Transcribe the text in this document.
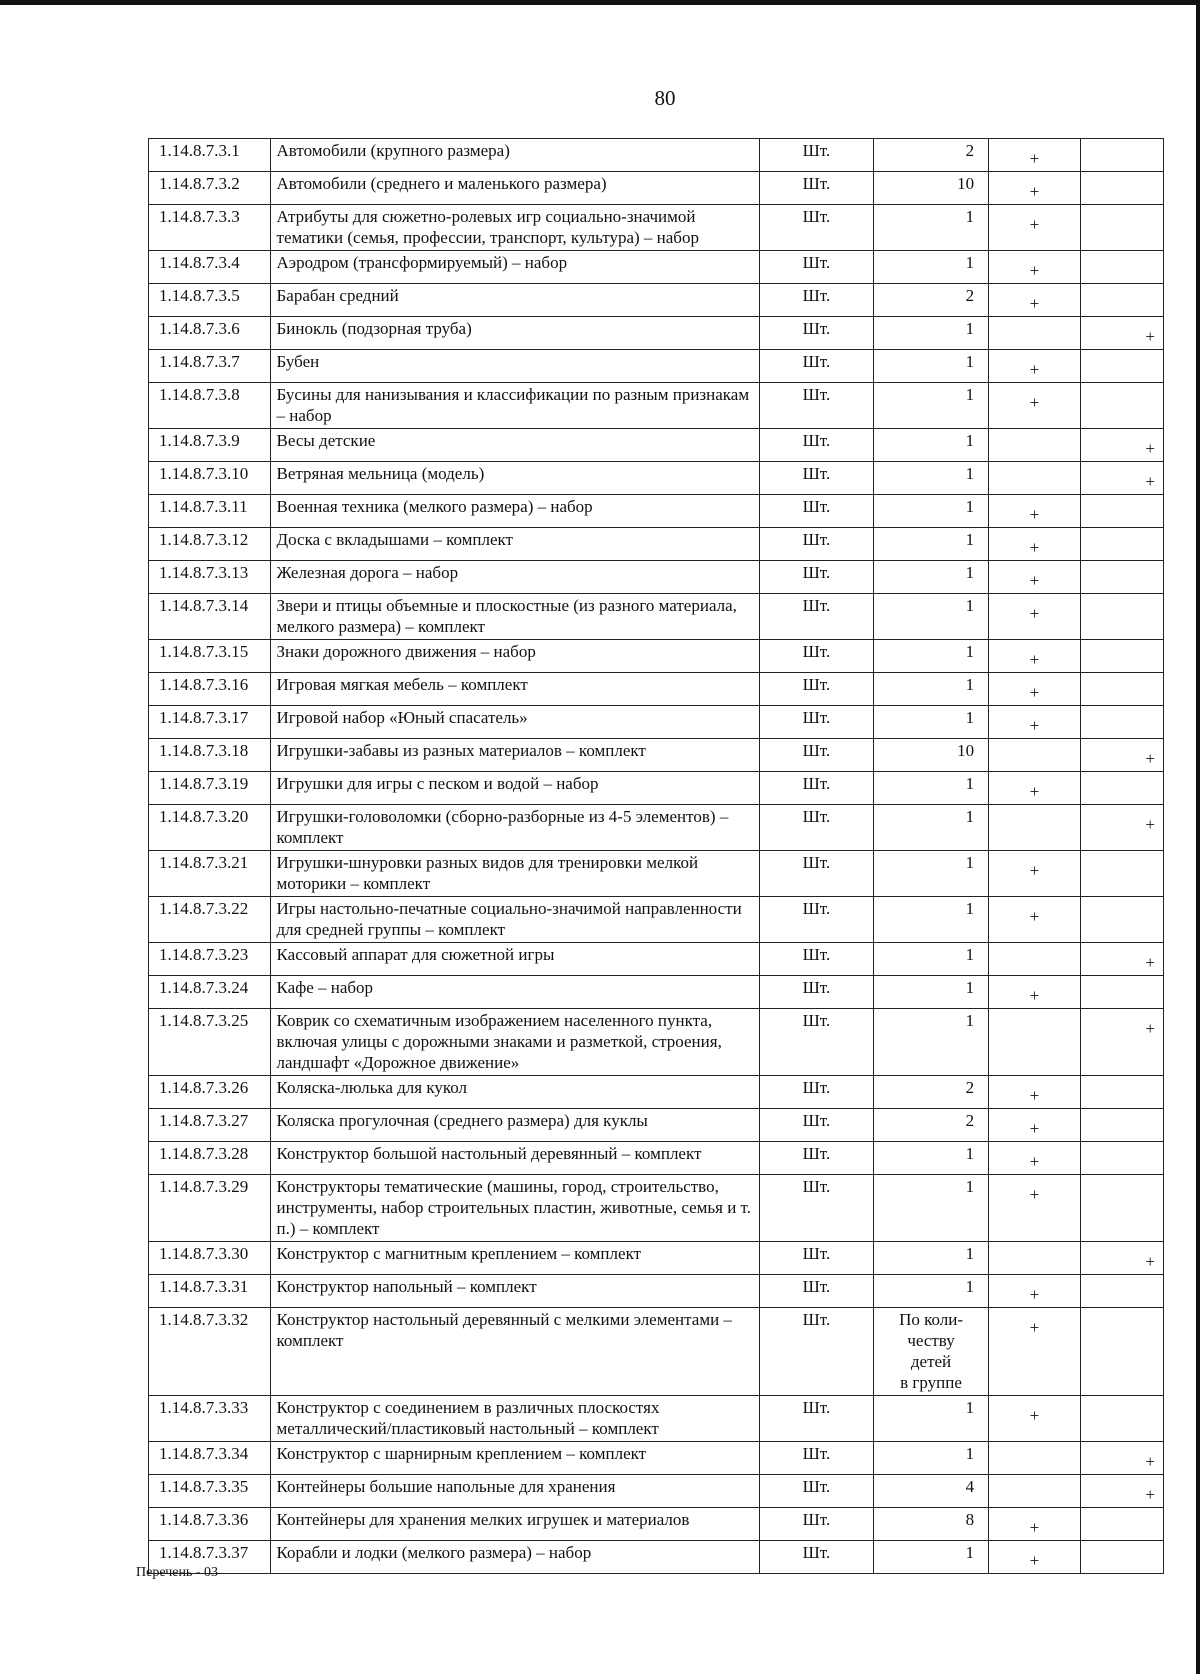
80
1.14.8.7.3.1	Автомобили (крупного размера)	Шт.	2	+	
1.14.8.7.3.2	Автомобили (среднего и маленького размера)	Шт.	10	+	
1.14.8.7.3.3	Атрибуты для сюжетно-ролевых игр социально-значимой тематики (семья, профессии, транспорт, культура) – набор	Шт.	1	+	
1.14.8.7.3.4	Аэродром (трансформируемый) – набор	Шт.	1	+	
1.14.8.7.3.5	Барабан средний	Шт.	2	+	
1.14.8.7.3.6	Бинокль (подзорная труба)	Шт.	1		+
1.14.8.7.3.7	Бубен	Шт.	1	+	
1.14.8.7.3.8	Бусины для нанизывания и классификации по разным признакам – набор	Шт.	1	+	
1.14.8.7.3.9	Весы детские	Шт.	1		+
1.14.8.7.3.10	Ветряная мельница (модель)	Шт.	1		+
1.14.8.7.3.11	Военная техника (мелкого размера) – набор	Шт.	1	+	
1.14.8.7.3.12	Доска с вкладышами – комплект	Шт.	1	+	
1.14.8.7.3.13	Железная дорога – набор	Шт.	1	+	
1.14.8.7.3.14	Звери и птицы объемные и плоскостные (из разного материала, мелкого размера) – комплект	Шт.	1	+	
1.14.8.7.3.15	Знаки дорожного движения – набор	Шт.	1	+	
1.14.8.7.3.16	Игровая мягкая мебель – комплект	Шт.	1	+	
1.14.8.7.3.17	Игровой набор «Юный спасатель»	Шт.	1	+	
1.14.8.7.3.18	Игрушки-забавы из разных материалов – комплект	Шт.	10		+
1.14.8.7.3.19	Игрушки для игры с песком и водой – набор	Шт.	1	+	
1.14.8.7.3.20	Игрушки-головоломки (сборно-разборные из 4-5 элементов) – комплект	Шт.	1		+
1.14.8.7.3.21	Игрушки-шнуровки разных видов для тренировки мелкой моторики – комплект	Шт.	1	+	
1.14.8.7.3.22	Игры настольно-печатные социально-значимой направленности для средней группы – комплект	Шт.	1	+	
1.14.8.7.3.23	Кассовый аппарат для сюжетной игры	Шт.	1		+
1.14.8.7.3.24	Кафе – набор	Шт.	1	+	
1.14.8.7.3.25	Коврик со схематичным изображением населенного пункта, включая улицы с дорожными знаками и разметкой, строения, ландшафт «Дорожное движение»	Шт.	1		+
1.14.8.7.3.26	Коляска-люлька для кукол	Шт.	2	+	
1.14.8.7.3.27	Коляска прогулочная (среднего размера) для куклы	Шт.	2	+	
1.14.8.7.3.28	Конструктор большой настольный деревянный – комплект	Шт.	1	+	
1.14.8.7.3.29	Конструкторы тематические (машины, город, строительство, инструменты, набор строительных пластин, животные, семья и т. п.) – комплект	Шт.	1	+	
1.14.8.7.3.30	Конструктор с магнитным креплением – комплект	Шт.	1		+
1.14.8.7.3.31	Конструктор напольный – комплект	Шт.	1	+	
1.14.8.7.3.32	Конструктор настольный деревянный с мелкими элементами – комплект	Шт.	По коли-
честву
детей
в группе	+	
1.14.8.7.3.33	Конструктор с соединением в различных плоскостях металлический/пластиковый настольный – комплект	Шт.	1	+	
1.14.8.7.3.34	Конструктор с шарнирным креплением – комплект	Шт.	1		+
1.14.8.7.3.35	Контейнеры большие напольные для хранения	Шт.	4		+
1.14.8.7.3.36	Контейнеры для хранения мелких игрушек и материалов	Шт.	8	+	
1.14.8.7.3.37	Корабли и лодки (мелкого размера) – набор	Шт.	1	+	
Перечень - 03
